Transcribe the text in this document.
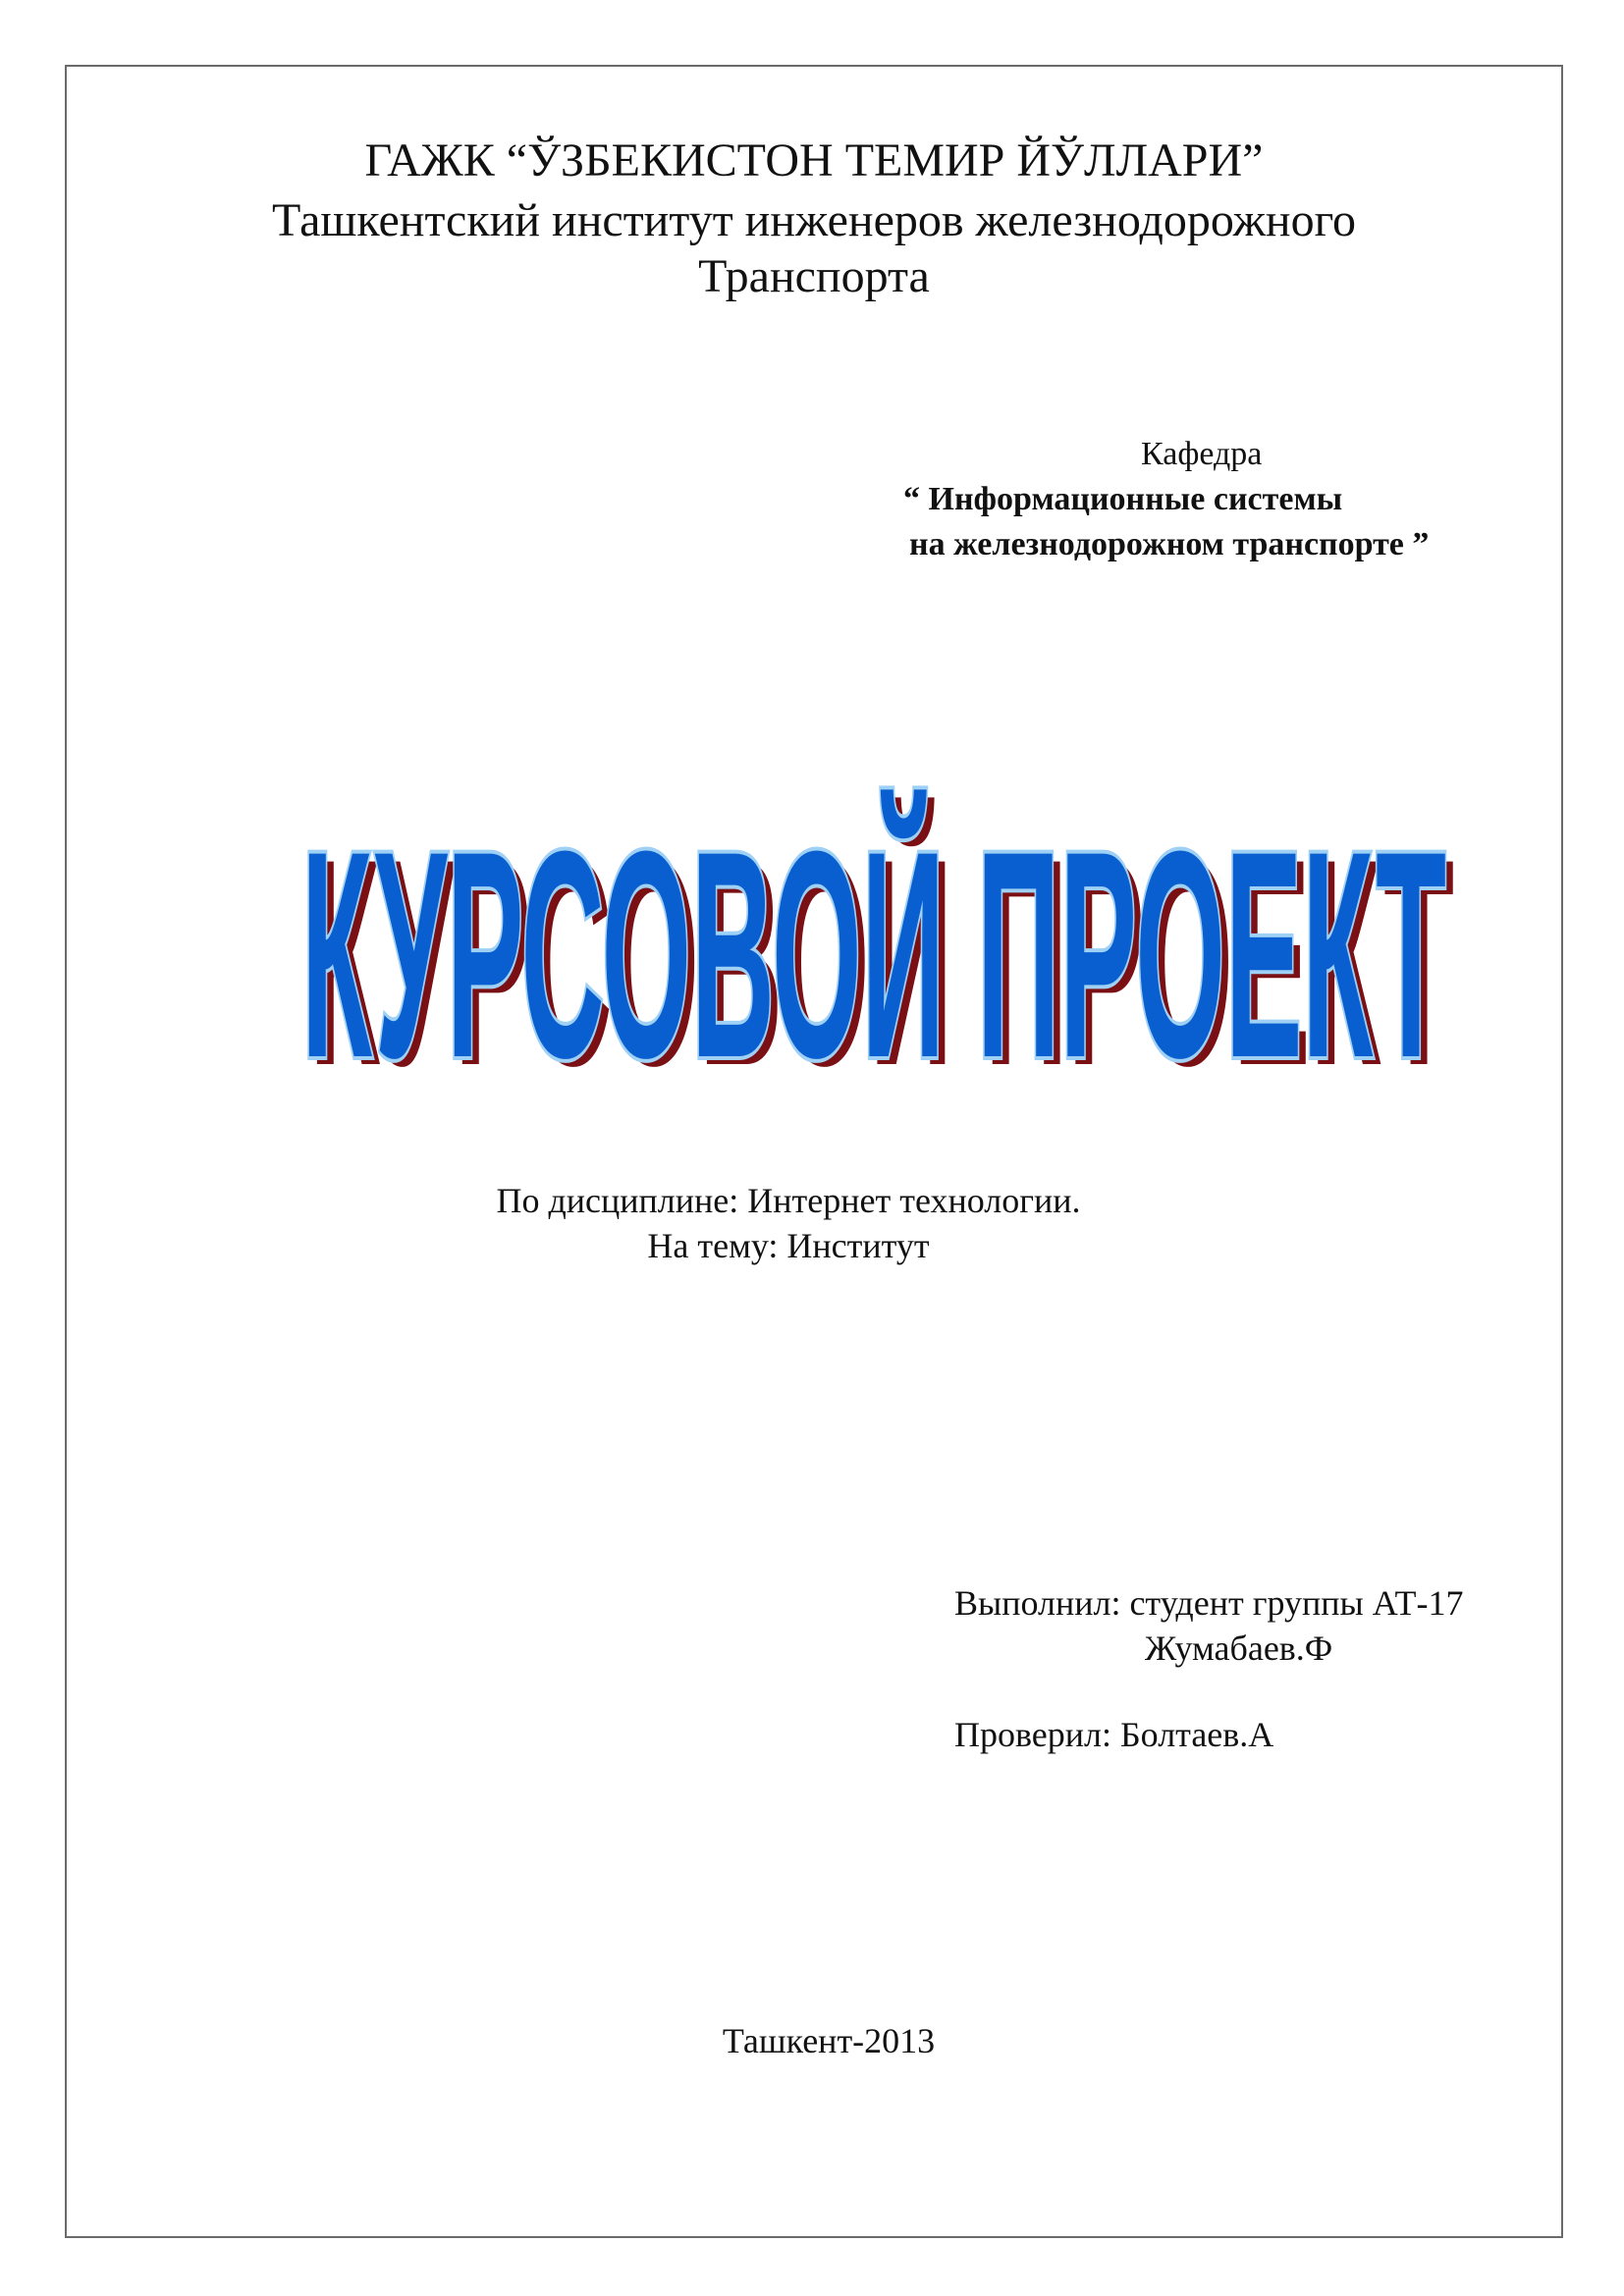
ГАЖК “ЎЗБЕКИСТОН ТЕМИР ЙЎЛЛАРИ”
Ташкентский институт инженеров железнодорожного
Транспорта
Кафедра
“ Информационные системы
на железнодорожном транспорте ”
КУРСОВОЙ ПРОЕКТ
КУРСОВОЙ ПРОЕКТ
По дисциплине: Интернет технологии.
На тему: Институт
Выполнил: студент группы АТ-17
Жумабаев.Ф
Проверил: Болтаев.А
Ташкент-2013
